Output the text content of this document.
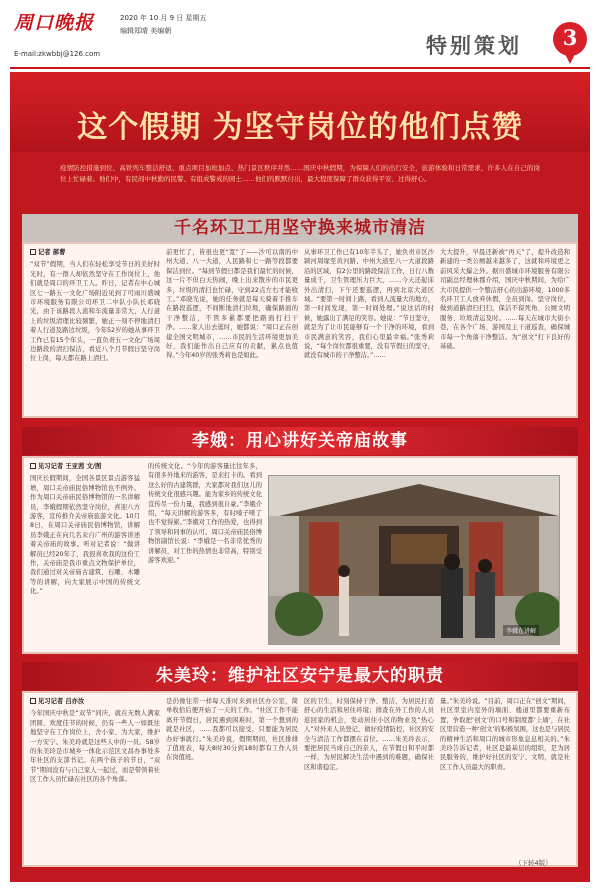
周口晚报
E-mail:zkwbbj@126.com
2020 年 10 月 9 日 星期五
编辑郑晴 美编朝
特别策划	3
这个假期 为坚守岗位的他们点赞
疫情防控措施到位、高铁列车整洁舒适、重点项目加班加点、热门景区秩序井然……国庆中秋假期，为保障人们的出行安全，旅游体验和日常需求，许多人在自己的岗位上忙碌着。他们中，有民间中秋勤的民警、有组成警戒的园士……他们的默默付出，最大程度保障了群众获得平安、过得舒心。
千名环卫工用坚守换来城市清洁
记者 郝曹
“双节”假期，当人们在轻松享受节日的美好时光时，有一群人却依然坚守在工作岗位上，他们就是周口的环卫工人。昨日，记者在中心城区七一路五一文化广场附近见到了可雨川盛城市环境服务有限公司环卫二中队小队长邓晓光，由于该路段人流和车流量非常大，人行道上的垃圾清理比较频繁，她正一刻不停地清扫着人行道及路边垃圾，今年52岁的她从事环卫工作已有15个年头，一直负责五一文化广场周边路段的清扫保洁，看近八个月节假日坚守岗位上岗，每天都在路上清扫。
前更忙了，皆很也更“宽”了——沙可以南的中州大道、八一大道，人民路和七一路等段都要保洁到位。“每到节假日都是我们最忙的时候，这一片不但白天热闹，晚上出来散步的市民更多，垃圾的清扫也忙碌，守到22点左右才能收工。”邓晓光说，她的任务就是每天骑着手推车在路段巡逻，不间断地清扫垃圾，确保路面的干净整洁，不管多累都要把路面打扫干净。……家人出去逛时，她都说：“周口正在创建全国文明城市，……市民的生活环境更加美好，我们能作出自己应有的贡献，累点也值得。”今年40岁的张秀莉也是如此。
从事环卫工作已有10年半头了，她负责市区沙颍河周缘至黄河路、中州大道至八一大道段路沿的区域，有2公里的路段保洁工作，日行八数量成千，卫生管理压力巨大，……今天还起床外出清扫，下午还要巡逻，再到北京大道区域。“要第一时间上路，看到人流量大的地方，第一时间发现，第一时间处理。”说这话的时候，她露出了满足的笑容。她说：“节日坚守，就是为了让市民能够有一个干净的环境，看到市民满意的笑容，我们心里最幸福。”张秀莉说，“每个岗位都很重要，没有节假日的坚守，就没有城市的干净整洁。”……
大大提升，早晨还新被“再天”了，提升改造和新建的一类公厕越来越多了，这就和环境更之前风采大爆之外。据川盛城市环境服务有限公司副总经理林郡介绍，国庆中秋期间，为给广大市民提供一个整洁舒心的出游环境，1000多名环卫工人放弃休假，全员到岗。坚守岗位，做到道路清扫扫扫，保洁不留死角、公厕文明服务、垃圾清运及时。……每天在城市大街小巷，在各个广场、游园及主干道巡查，确保城市每一个角落干净整洁。为“创文”打下良好的基础。
李娥：用心讲好关帝庙故事
见习记者 王亚茜 文/图
国庆长假期间，全国各景区景点游客猛增，周口关帝庙民俗博物馆也不例外。作为周口关帝庙民俗博物馆的一名讲解员，李娥假期依然坚守岗位，喜迎八方游客，宣传推介关帝庙旅游文化。10月8日，在周口关帝庙民俗博物馆，讲解员李娥正在向几名来自广州的游客讲述着关帝庙的故事。听对记者说：“做讲解员已经20年了，我很喜欢我的这份工作，关帝庙是我市重点文物保护单位，我们通过对关帝庙古建筑、石雕、木雕等的讲解，向大家展示中国的传统文化。”
的传统文化。“今年的游客量比往年多，有很多外地来的游客，是来打卡的。看到这么好的古建筑群，大家都对我们这儿的传统文化很感兴趣。能为家乡的传统文化宣传尽一份力量，我感到很自豪。”李娥介绍，“每天讲解的游客多，有时嗓子哑了也不觉得累。”李娥对工作的热爱，也得到了领导和同事的认可。周口关帝庙民俗博物馆副馆长说：“李娥是一名非常优秀的讲解员，对工作的热情也非常高，特别受游客欢迎。”
李娥在讲解
朱美玲：维护社区安宁是最大的职责
见习记者 吕亦汝
今年国庆中秋是“双节”同庆，就在无数人满家团圆、欢度佳节的时候，仍有一些人一如既往地坚守在工作岗位上，舍小家、为大家，维护一方安宁。朱美玲就是这些人中的一员。58岁的朱美玲是市城乡一体化示范区文昌办事处多年社区的支部书记。在两个孩子的节日，“双节”期间没有与自己家人一起过，而是带领着社区工作人员忙碌在社区的各个角落。
是仍像往常一样每天准时来到社区办公室，简单收拾后便开始了一天的工作。“社区工作不能离开节假日，居民遇到困难时，第一个想到的就是社区，……我都可以接受，只要能为居民办好事就行。”朱美玲说，假期期间，社区排排了值班表，每天8时30分到18时都有工作人员在岗值班。
区的卫生，时刻保持干净、整洁，为居民打造舒心的生活和居住环境；排查在外工作的人员返回家的机会，发动居住小区的物业及“热心人”对外来人员登记，做好疫情防控，社区的安全与清洁工作都摆在首位。……朱美玲表示，要把居民当成自己的亲人，在节假日和平时都一样，为居民解决生活中遇到的难题，确保社区和谐稳定。
量。”朱美玲说。“目前，周口正在“创文”期间，社区里室内室外的墙面、楼道里都要重新布置，争取把‘创文’的口号和制度都‘上墙’，在社区里营造一种‘创文’的积极氛围，这也是与居民的精神生活和周口的城市形象息息相关的。”朱美玲告诉记者，社区是最基层的组织，是为居民服务的，维护好社区的安宁、文明，就是社区工作人员最大的职责。
（下转4版）
